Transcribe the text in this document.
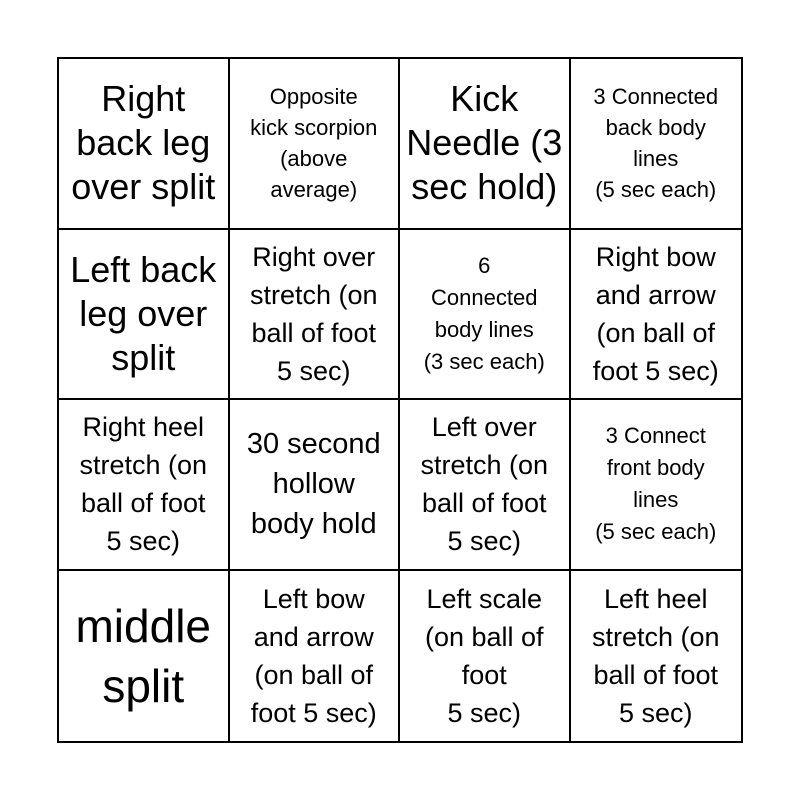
Right
back leg
over split
Opposite
kick scorpion
(above
average)
Kick
Needle (3
sec hold)
3 Connected
back body
lines
(5 sec each)
Left back
leg over
split
Right over
stretch (on
ball of foot
5 sec)
6
Connected
body lines
(3 sec each)
Right bow
and arrow
(on ball of
foot 5 sec)
Right heel
stretch (on
ball of foot
5 sec)
30 second
hollow
body hold
Left over
stretch (on
ball of foot
5 sec)
3 Connect
front body
lines
(5 sec each)
middle
split
Left bow
and arrow
(on ball of
foot 5 sec)
Left scale
(on ball of
foot
5 sec)
Left heel
stretch (on
ball of foot
5 sec)
